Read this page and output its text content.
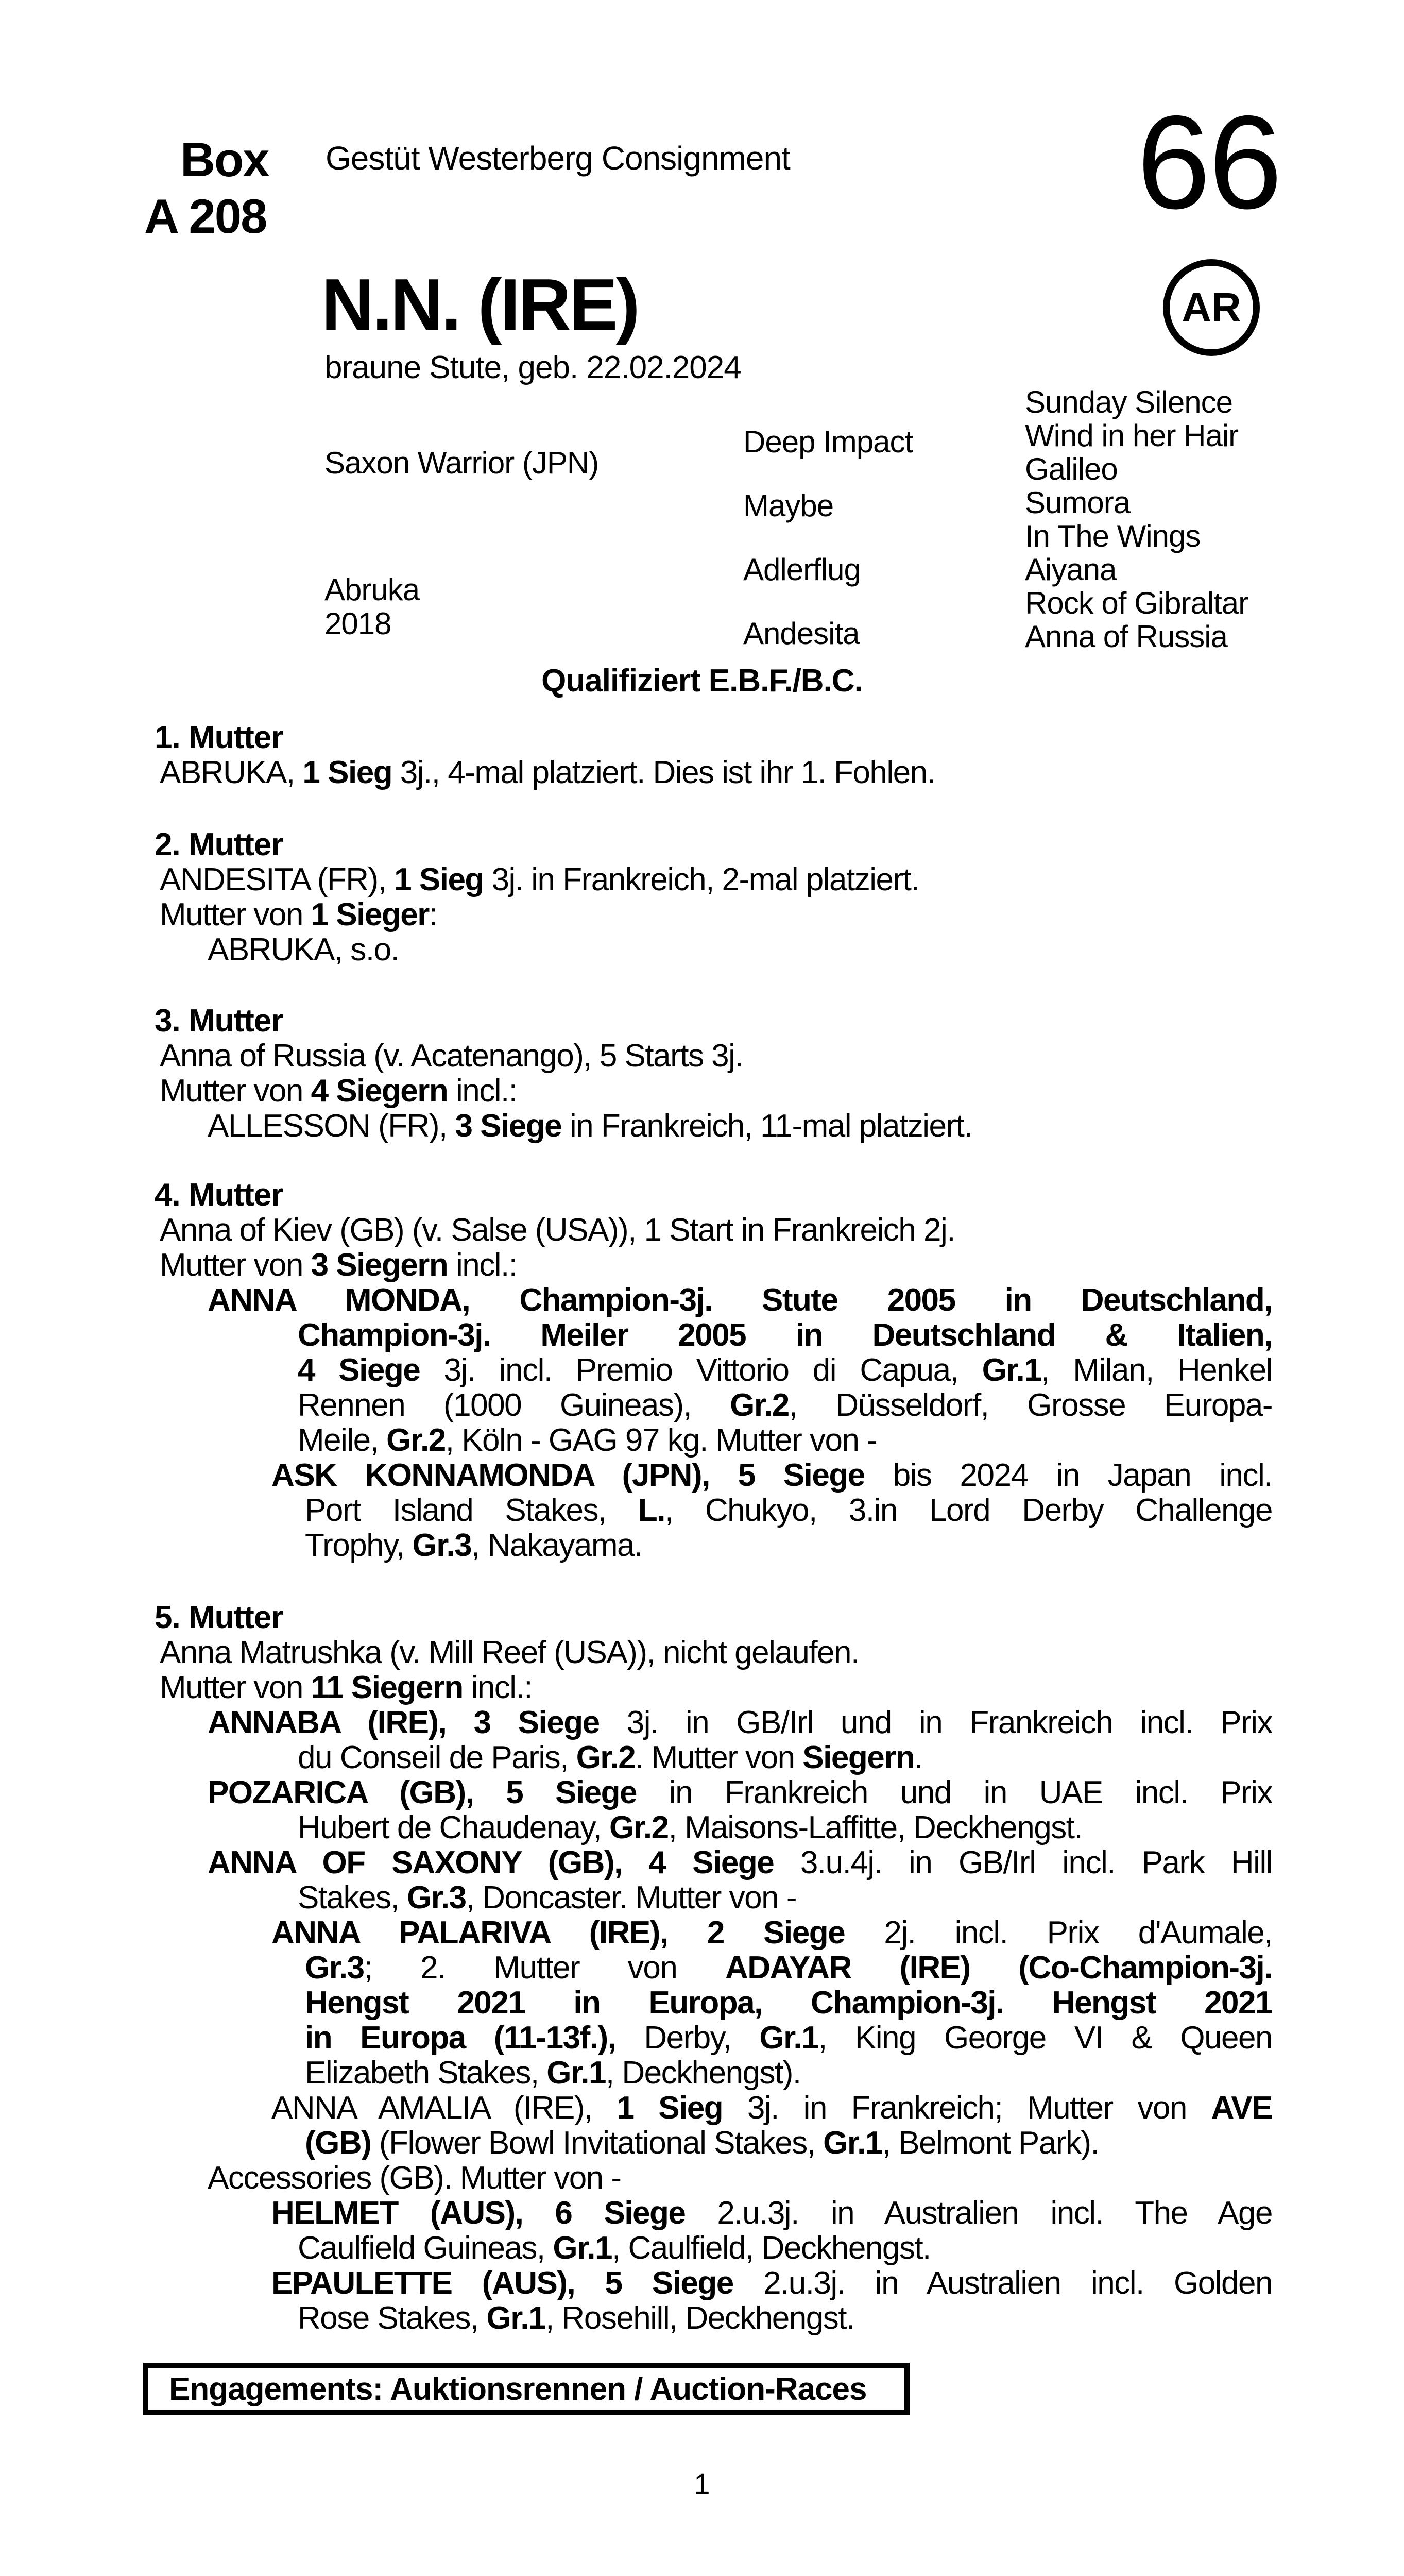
Box
A 208
Gestüt Westerberg Consignment	66
AR
N.N. (IRE)
braune Stute, geb. 22.02.2024
Saxon Warrior (JPN)
Abruka
2018
Deep Impact
Maybe
Adlerflug
Andesita
Sunday Silence
Wind in her Hair
Galileo
Sumora
In The Wings
Aiyana
Rock of Gibraltar
Anna of Russia
Qualifiziert E.B.F./B.C.
1. Mutter
ABRUKA, 1 Sieg 3j., 4-mal platziert. Dies ist ihr 1. Fohlen.
2. Mutter
ANDESITA (FR), 1 Sieg 3j. in Frankreich, 2-mal platziert.
Mutter von 1 Sieger:
ABRUKA, s.o.
3. Mutter
Anna of Russia (v. Acatenango), 5 Starts 3j.
Mutter von 4 Siegern incl.:
ALLESSON (FR), 3 Siege in Frankreich, 11-mal platziert.
4. Mutter
Anna of Kiev (GB) (v. Salse (USA)), 1 Start in Frankreich 2j.
Mutter von 3 Siegern incl.:
ANNA MONDA, Champion-3j. Stute 2005 in Deutschland,
Champion-3j. Meiler 2005 in Deutschland & Italien,
4 Siege 3j. incl. Premio Vittorio di Capua, Gr.1, Milan, Henkel
Rennen (1000 Guineas), Gr.2, Düsseldorf, Grosse Europa-
Meile, Gr.2, Köln - GAG 97 kg. Mutter von -
ASK KONNAMONDA (JPN), 5 Siege bis 2024 in Japan incl.
Port Island Stakes, L., Chukyo, 3.in Lord Derby Challenge
Trophy, Gr.3, Nakayama.
5. Mutter
Anna Matrushka (v. Mill Reef (USA)), nicht gelaufen.
Mutter von 11 Siegern incl.:
ANNABA (IRE), 3 Siege 3j. in GB/Irl und in Frankreich incl. Prix
du Conseil de Paris, Gr.2. Mutter von Siegern.
POZARICA (GB), 5 Siege in Frankreich und in UAE incl. Prix
Hubert de Chaudenay, Gr.2, Maisons-Laffitte, Deckhengst.
ANNA OF SAXONY (GB), 4 Siege 3.u.4j. in GB/Irl incl. Park Hill
Stakes, Gr.3, Doncaster. Mutter von -
ANNA PALARIVA (IRE), 2 Siege 2j. incl. Prix d'Aumale,
Gr.3; 2. Mutter von ADAYAR (IRE) (Co-Champion-3j.
Hengst 2021 in Europa, Champion-3j. Hengst 2021
in Europa (11-13f.), Derby, Gr.1, King George VI & Queen
Elizabeth Stakes, Gr.1, Deckhengst).
ANNA AMALIA (IRE), 1 Sieg 3j. in Frankreich; Mutter von AVE
(GB) (Flower Bowl Invitational Stakes, Gr.1, Belmont Park).
Accessories (GB). Mutter von -
HELMET (AUS), 6 Siege 2.u.3j. in Australien incl. The Age
Caulfield Guineas, Gr.1, Caulfield, Deckhengst.
EPAULETTE (AUS), 5 Siege 2.u.3j. in Australien incl. Golden
Rose Stakes, Gr.1, Rosehill, Deckhengst.
Engagements: Auktionsrennen / Auction-Races
1
